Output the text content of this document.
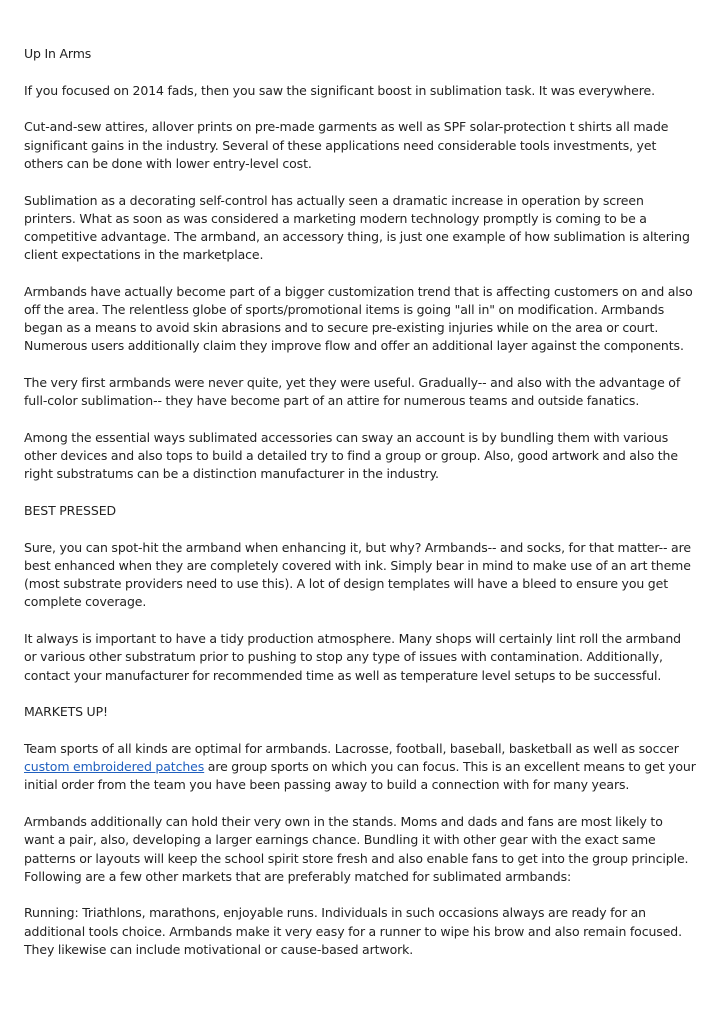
Up In Arms

If you focused on 2014 fads, then you saw the significant boost in sublimation task. It was everywhere.

Cut-and-sew attires, allover prints on pre-made garments as well as SPF solar-protection t shirts all made significant gains in the industry. Several of these applications need considerable tools investments, yet others can be done with lower entry-level cost.

Sublimation as a decorating self-control has actually seen a dramatic increase in operation by screen printers. What as soon as was considered a marketing modern technology promptly is coming to be a competitive advantage. The armband, an accessory thing, is just one example of how sublimation is altering client expectations in the marketplace.

Armbands have actually become part of a bigger customization trend that is affecting customers on and also off the area. The relentless globe of sports/promotional items is going "all in" on modification. Armbands began as a means to avoid skin abrasions and to secure pre-existing injuries while on the area or court. Numerous users additionally claim they improve flow and offer an additional layer against the components.

The very first armbands were never quite, yet they were useful. Gradually-- and also with the advantage of full-color sublimation-- they have become part of an attire for numerous teams and outside fanatics.

Among the essential ways sublimated accessories can sway an account is by bundling them with various other devices and also tops to build a detailed try to find a group or group. Also, good artwork and also the right substratums can be a distinction manufacturer in the industry.

BEST PRESSED

Sure, you can spot-hit the armband when enhancing it, but why? Armbands-- and socks, for that matter-- are best enhanced when they are completely covered with ink. Simply bear in mind to make use of an art theme (most substrate providers need to use this). A lot of design templates will have a bleed to ensure you get complete coverage.

It always is important to have a tidy production atmosphere. Many shops will certainly lint roll the armband or various other substratum prior to pushing to stop any type of issues with contamination. Additionally, contact your manufacturer for recommended time as well as temperature level setups to be successful.

MARKETS UP!

Team sports of all kinds are optimal for armbands. Lacrosse, football, baseball, basketball as well as soccer custom embroidered patches are group sports on which you can focus. This is an excellent means to get your initial order from the team you have been passing away to build a connection with for many years.

Armbands additionally can hold their very own in the stands. Moms and dads and fans are most likely to want a pair, also, developing a larger earnings chance. Bundling it with other gear with the exact same patterns or layouts will keep the school spirit store fresh and also enable fans to get into the group principle. Following are a few other markets that are preferably matched for sublimated armbands:

Running: Triathlons, marathons, enjoyable runs. Individuals in such occasions always are ready for an additional tools choice. Armbands make it very easy for a runner to wipe his brow and also remain focused. They likewise can include motivational or cause-based artwork.
